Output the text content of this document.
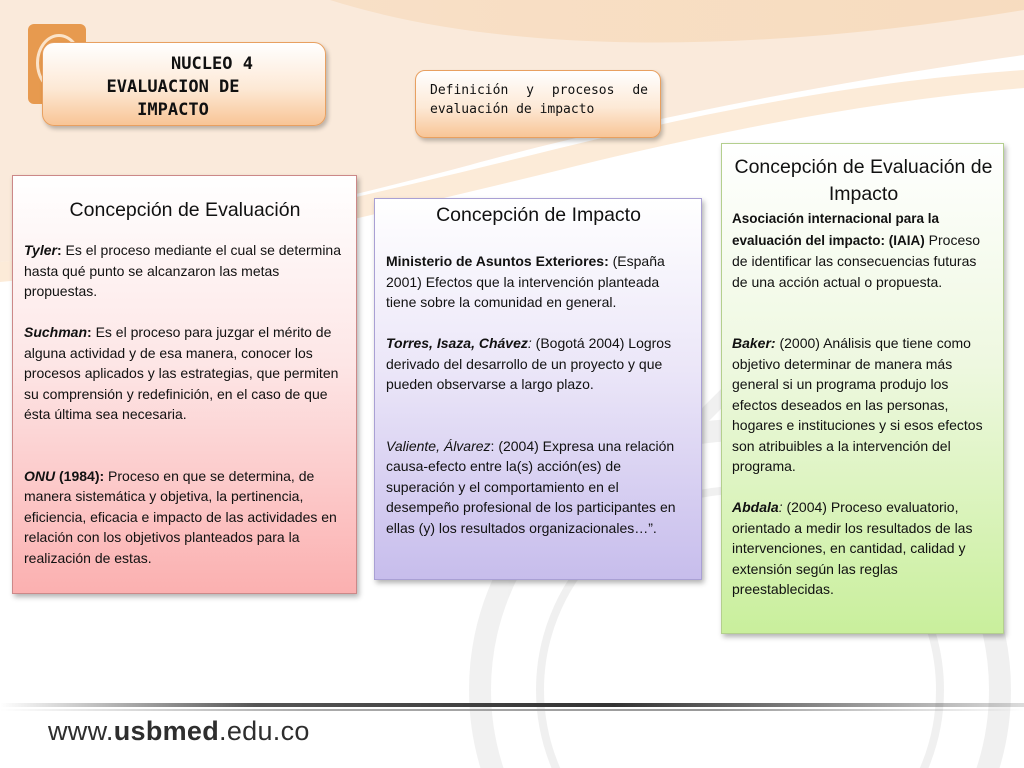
NUCLEO 4
EVALUACION DE
IMPACTO
Definición y procesos de evaluación de impacto
Concepción de Evaluación

Tyler: Es el proceso mediante el cual se determina hasta qué punto se alcanzaron las metas propuestas.

Suchman: Es el proceso para juzgar el mérito de alguna actividad y de esa manera, conocer los procesos aplicados y las estrategias, que permiten su comprensión y redefinición, en el caso de que ésta última sea necesaria.

ONU (1984): Proceso en que se determina, de manera sistemática y objetiva, la pertinencia, eficiencia, eficacia e impacto de las actividades en relación con los objetivos planteados para la realización de estas.

Concepción de Impacto

Ministerio de Asuntos Exteriores: (España 2001) Efectos que la intervención planteada tiene sobre la comunidad en general.

Torres, Isaza, Chávez: (Bogotá 2004) Logros derivado del desarrollo de un proyecto y que pueden observarse a largo plazo.

Valiente, Álvarez: (2004) Expresa una relación causa-efecto entre la(s) acción(es) de superación y el comportamiento en el desempeño profesional de los participantes en ellas (y) los resultados organizacionales…”.

Concepción de Evaluación de Impacto

Asociación internacional para la evaluación del impacto: (IAIA) Proceso de identificar las consecuencias futuras de una acción actual o propuesta.

Baker: (2000) Análisis que tiene como objetivo determinar de manera más general si un programa produjo los efectos deseados en las personas, hogares e instituciones y si esos efectos son atribuibles a la intervención del programa.

Abdala: (2004) Proceso evaluatorio, orientado a medir los resultados de las intervenciones, en cantidad, calidad y extensión según las reglas preestablecidas.

www.usbmed.edu.co
